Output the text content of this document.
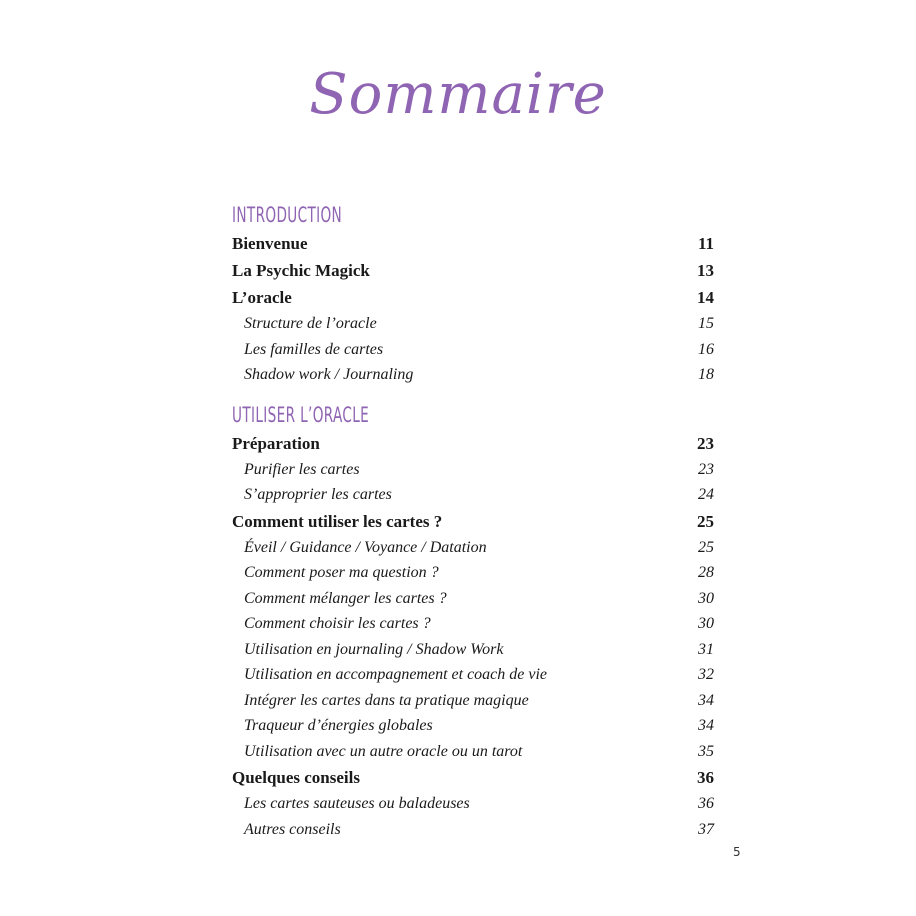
Sommaire
INTRODUCTION
Bienvenue	11
La Psychic Magick	13
L’oracle	14
Structure de l’oracle	15
Les familles de cartes	16
Shadow work / Journaling	18
UTILISER L’ORACLE
Préparation	23
Purifier les cartes	23
S’approprier les cartes	24
Comment utiliser les cartes ?	25
Éveil / Guidance / Voyance / Datation	25
Comment poser ma question ?	28
Comment mélanger les cartes ?	30
Comment choisir les cartes ?	30
Utilisation en journaling / Shadow Work	31
Utilisation en accompagnement et coach de vie	32
Intégrer les cartes dans ta pratique magique	34
Traqueur d’énergies globales	34
Utilisation avec un autre oracle ou un tarot	35
Quelques conseils	36
Les cartes sauteuses ou baladeuses	36
Autres conseils	37
5
